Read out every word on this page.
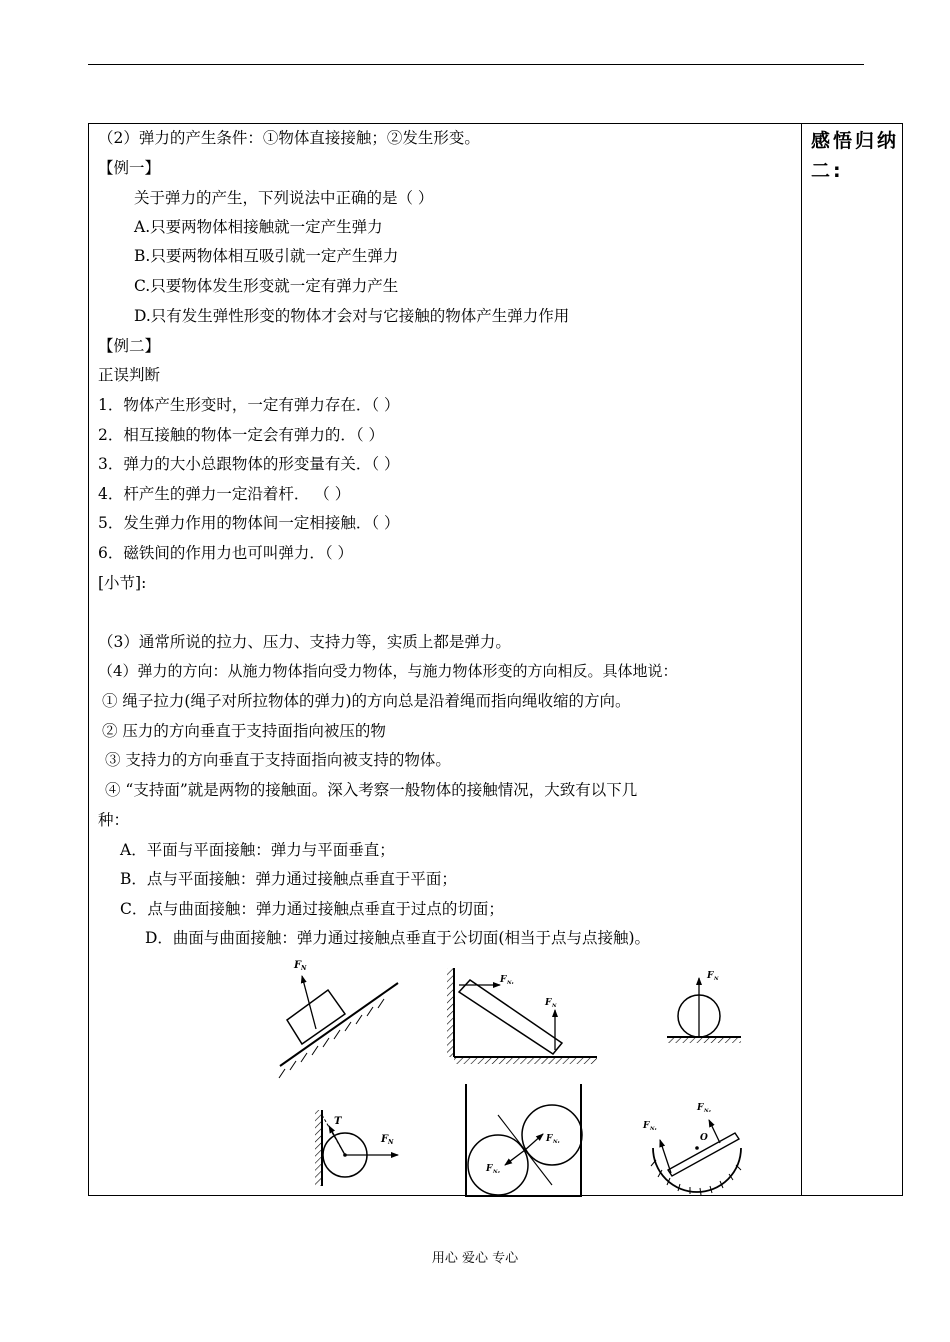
感悟归纳二:
（2）弹力的产生条件：①物体直接接触；②发生形变。
【例一】
关于弹力的产生，下列说法中正确的是（ ）
A.只要两物体相接触就一定产生弹力
B.只要两物体相互吸引就一定产生弹力
C.只要物体发生形变就一定有弹力产生
D.只有发生弹性形变的物体才会对与它接触的物体产生弹力作用
【例二】
正误判断
1．物体产生形变时，一定有弹力存在．（ ）
2．相互接触的物体一定会有弹力的．（ ）
3．弹力的大小总跟物体的形变量有关．（ ）
4．杆产生的弹力一定沿着杆． （ ）
5．发生弹力作用的物体间一定相接触．（ ）
6．磁铁间的作用力也可叫弹力．（ ）
[小节]:
（3）通常所说的拉力、压力、支持力等，实质上都是弹力。
（4）弹力的方向：从施力物体指向受力物体，与施力物体形变的方向相反。具体地说：
① 绳子拉力(绳子对所拉物体的弹力)的方向总是沿着绳而指向绳收缩的方向。
② 压力的方向垂直于支持面指向被压的物
③ 支持力的方向垂直于支持面指向被支持的物体。
④ “支持面”就是两物的接触面。深入考察一般物体的接触情况，大致有以下几
种：
A．平面与平面接触：弹力与平面垂直；
B．点与平面接触：弹力通过接触点垂直于平面；
C．点与曲面接触：弹力通过接触点垂直于过点的切面；
D．曲面与曲面接触：弹力通过接触点垂直于公切面(相当于点与点接触)。
F N
F N₁
F N
F N
T
F N	F N₁
F N₂
O
F N₁
F N₂
用心 爱心 专心
